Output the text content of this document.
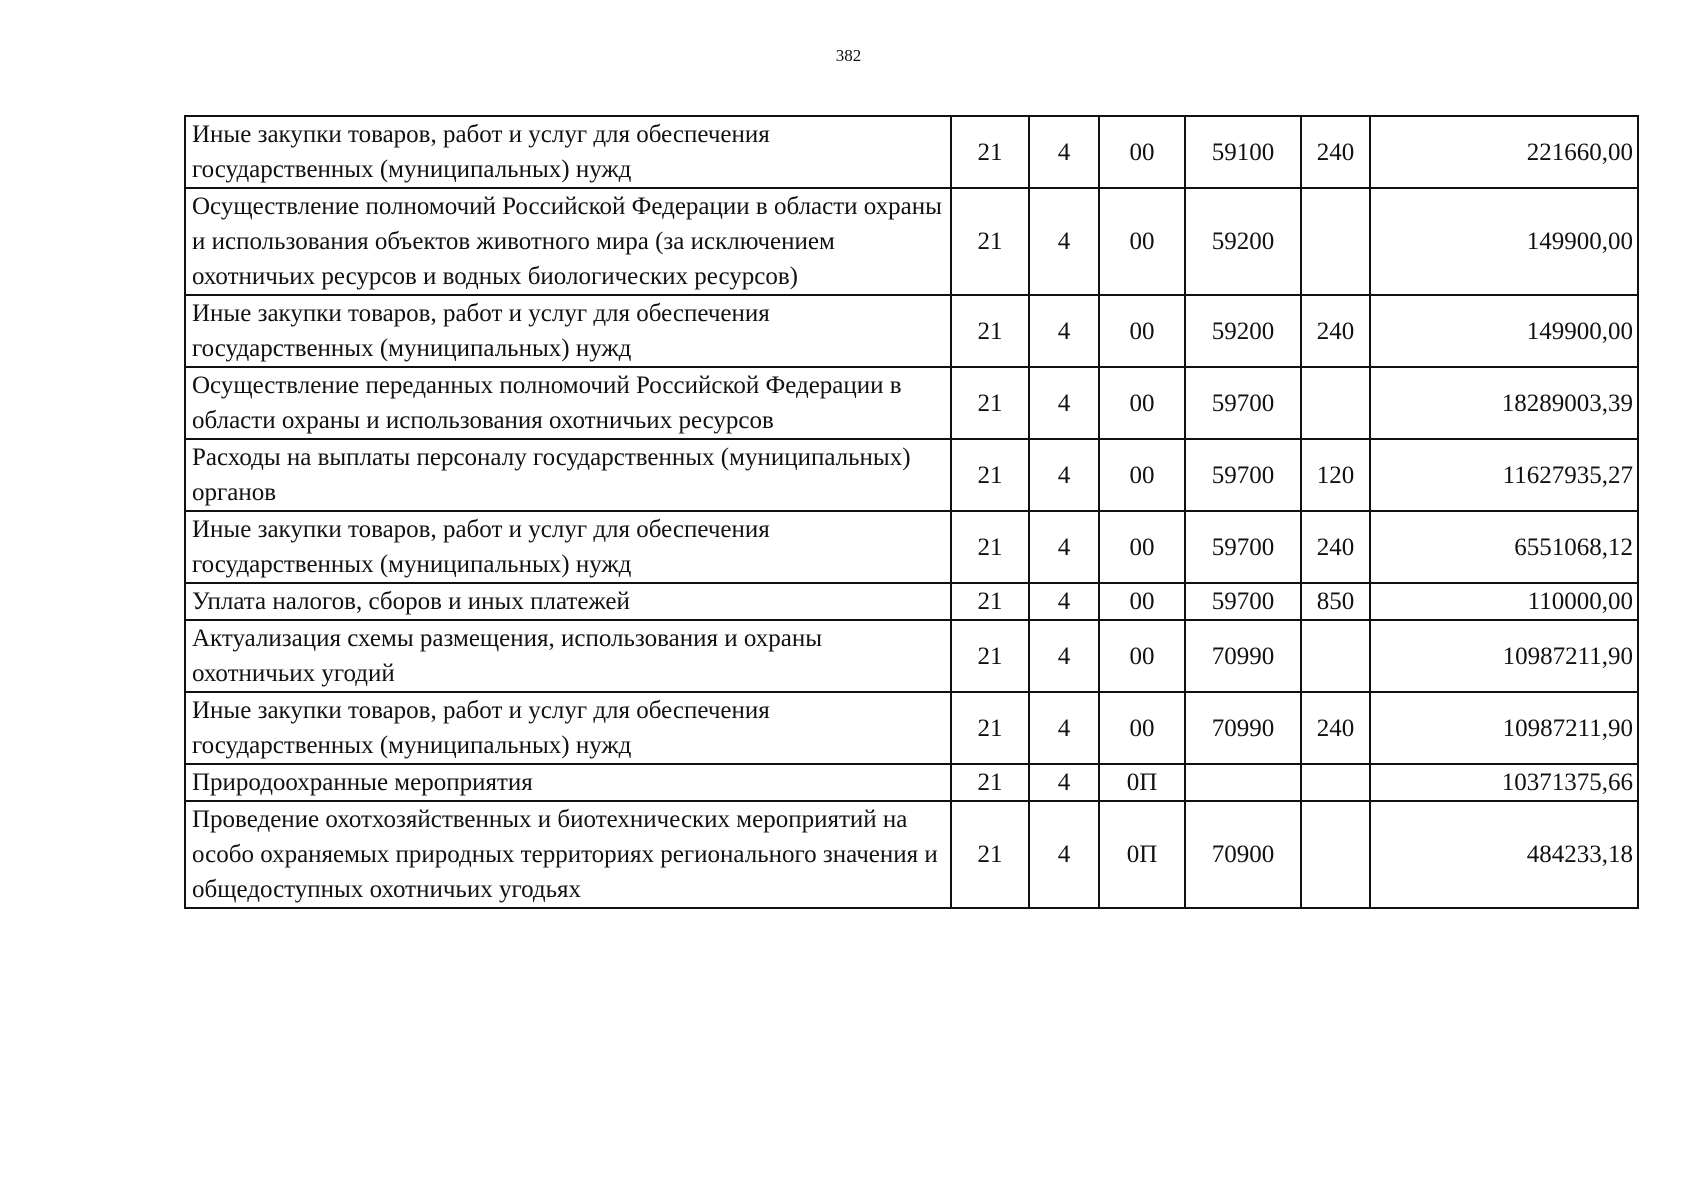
382
Иные закупки товаров, работ и услуг для обеспечения государственных (муниципальных) нужд	21	4	00	59100	240	221660,00
Осуществление полномочий Российской Федерации в области охраны и использования объектов животного мира (за исключением охотничьих ресурсов и водных биологических ресурсов)	21	4	00	59200		149900,00
Иные закупки товаров, работ и услуг для обеспечения государственных (муниципальных) нужд	21	4	00	59200	240	149900,00
Осуществление переданных полномочий Российской Федерации в области охраны и использования охотничьих ресурсов	21	4	00	59700		18289003,39
Расходы на выплаты персоналу государственных (муниципальных) органов	21	4	00	59700	120	11627935,27
Иные закупки товаров, работ и услуг для обеспечения государственных (муниципальных) нужд	21	4	00	59700	240	6551068,12
Уплата налогов, сборов и иных платежей	21	4	00	59700	850	110000,00
Актуализация схемы размещения, использования и охраны охотничьих угодий	21	4	00	70990		10987211,90
Иные закупки товаров, работ и услуг для обеспечения государственных (муниципальных) нужд	21	4	00	70990	240	10987211,90
Природоохранные мероприятия	21	4	0П			10371375,66
Проведение охотхозяйственных и биотехнических мероприятий на особо охраняемых природных территориях регионального значения и общедоступных охотничьих угодьях	21	4	0П	70900		484233,18
